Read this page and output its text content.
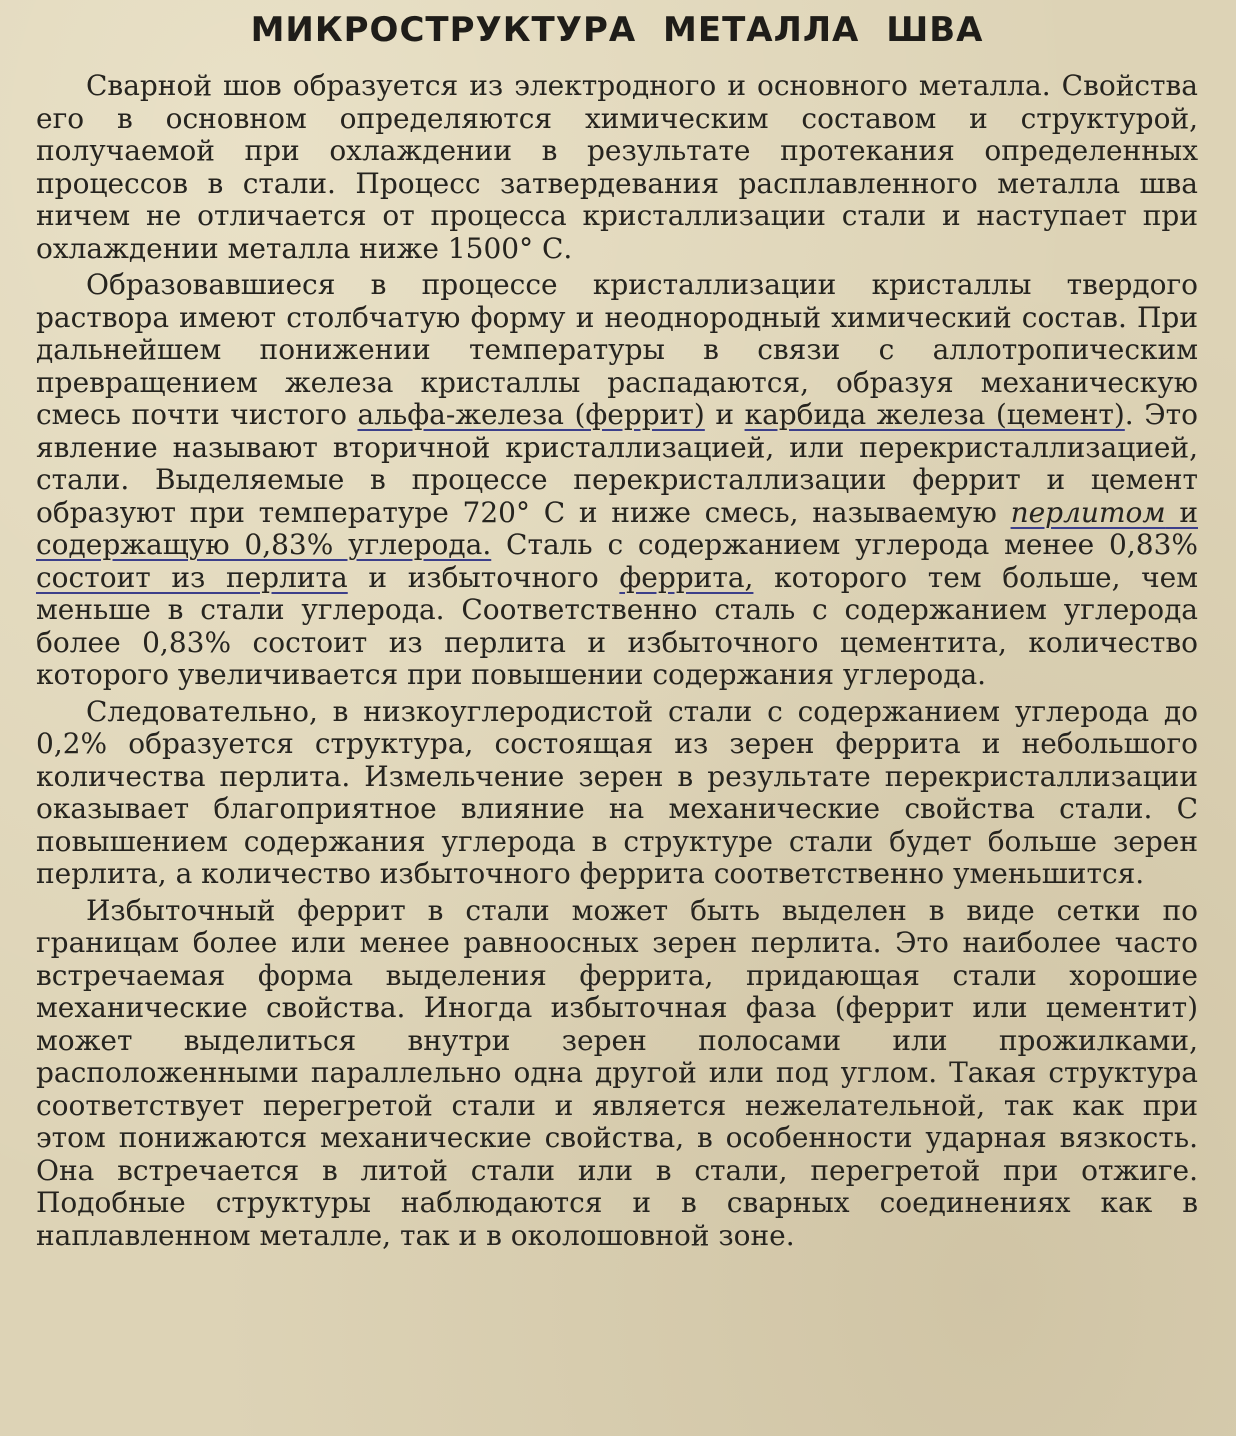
МИКРОСТРУКТУРА МЕТАЛЛА ШВА

Сварной шов образуется из электродного и основного металла. Свойства его в основном определяются химическим составом и структурой, получаемой при охлаждении в результате протекания определенных процессов в стали. Процесс затвердевания расплавленного металла шва ничем не отличается от процесса кристаллизации стали и наступает при охлаждении металла ниже 1500° С.

Образовавшиеся в процессе кристаллизации кристаллы твердого раствора имеют столбчатую форму и неоднородный химический состав. При дальнейшем понижении температуры в связи с аллотропическим превращением железа кристаллы распадаются, образуя механическую смесь почти чистого альфа-железа (феррит) и карбида железа (цемент). Это явление называют вторичной кристаллизацией, или перекристаллизацией, стали. Выделяемые в процессе перекристаллизации феррит и цемент образуют при температуре 720° С и ниже смесь, называемую перлитом и содержащую 0,83% углерода. Сталь с содержанием углерода менее 0,83% состоит из перлита и избыточного феррита, которого тем больше, чем меньше в стали углерода. Соответственно сталь с содержанием углерода более 0,83% состоит из перлита и избыточного цементита, количество которого увеличивается при повышении содержания углерода.

Следовательно, в низкоуглеродистой стали с содержанием углерода до 0,2% образуется структура, состоящая из зерен феррита и небольшого количества перлита. Измельчение зерен в результате перекристаллизации оказывает благоприятное влияние на механические свойства стали. С повышением содержания углерода в структуре стали будет больше зерен перлита, а количество избыточного феррита соответственно уменьшится.

Избыточный феррит в стали может быть выделен в виде сетки по границам более или менее равноосных зерен перлита. Это наиболее часто встречаемая форма выделения феррита, придающая стали хорошие механические свойства. Иногда избыточная фаза (феррит или цементит) может выделиться внутри зерен полосами или прожилками, расположенными параллельно одна другой или под углом. Такая структура соответствует перегретой стали и является нежелательной, так как при этом понижаются механические свойства, в особенности ударная вязкость. Она встречается в литой стали или в стали, перегретой при отжиге. Подобные структуры наблюдаются и в сварных соединениях как в наплавленном металле, так и в околошовной зоне.
